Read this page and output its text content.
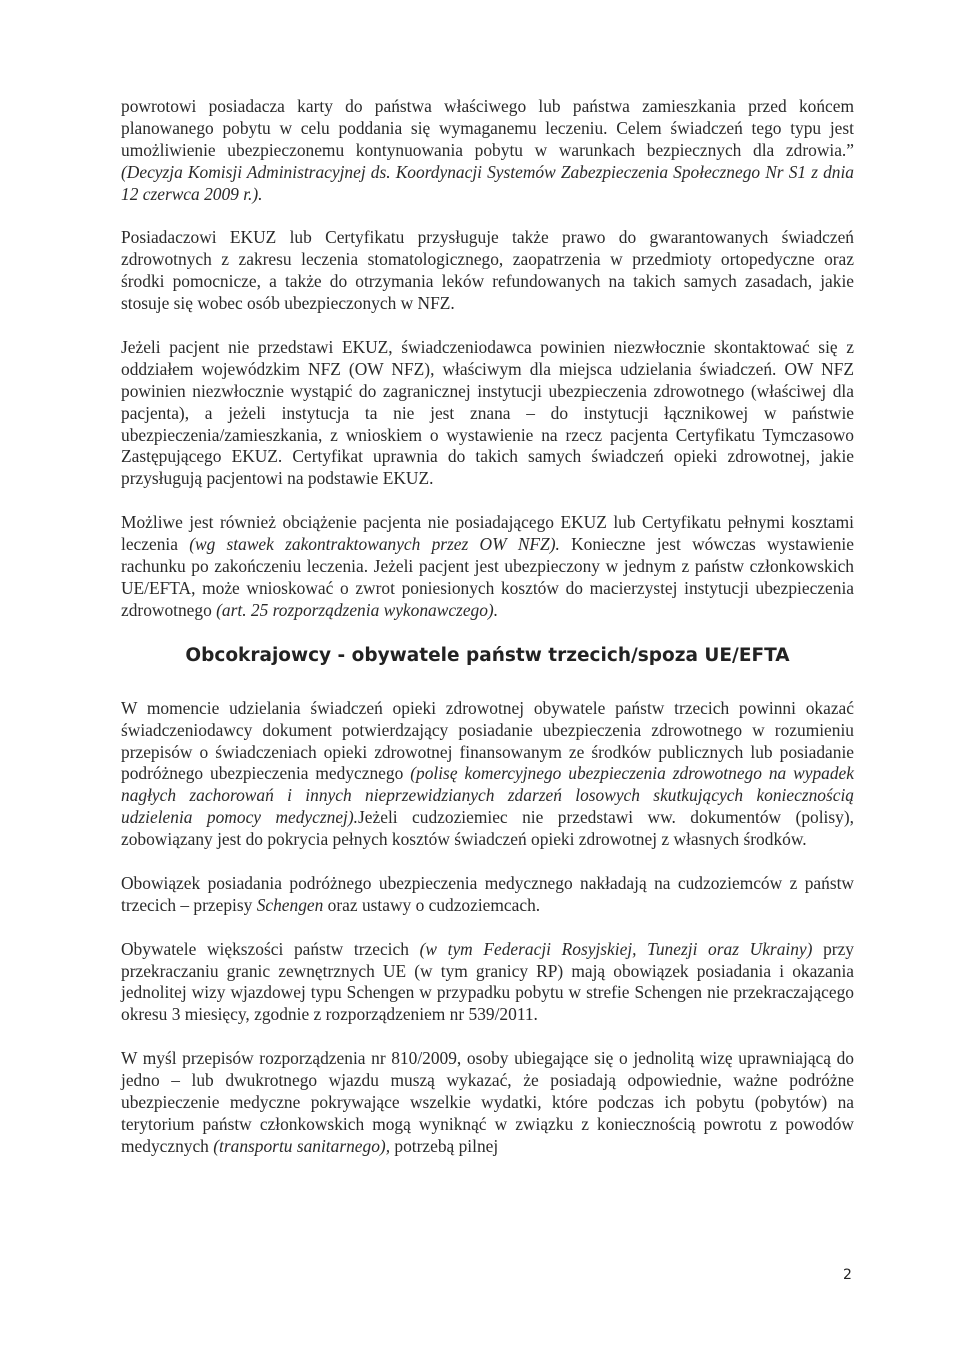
powrotowi posiadacza karty do państwa właściwego lub państwa zamieszkania przed końcem planowanego pobytu w celu poddania się wymaganemu leczeniu. Celem świadczeń tego typu jest umożliwienie ubezpieczonemu kontynuowania pobytu w warunkach bezpiecznych dla zdrowia.” (Decyzja Komisji Administracyjnej ds. Koordynacji Systemów Zabezpieczenia Społecznego Nr S1 z dnia 12 czerwca 2009 r.).

Posiadaczowi EKUZ lub Certyfikatu przysługuje także prawo do gwarantowanych świadczeń zdrowotnych z zakresu leczenia stomatologicznego, zaopatrzenia w przedmioty ortopedyczne oraz środki pomocnicze, a także do otrzymania leków refundowanych na takich samych zasadach, jakie stosuje się wobec osób ubezpieczonych w NFZ.

Jeżeli pacjent nie przedstawi EKUZ, świadczeniodawca powinien niezwłocznie skontaktować się z oddziałem wojewódzkim NFZ (OW NFZ), właściwym dla miejsca udzielania świadczeń. OW NFZ powinien niezwłocznie wystąpić do zagranicznej instytucji ubezpieczenia zdrowotnego (właściwej dla pacjenta), a jeżeli instytucja ta nie jest znana – do instytucji łącznikowej w państwie ubezpieczenia/zamieszkania, z wnioskiem o wystawienie na rzecz pacjenta Certyfikatu Tymczasowo Zastępującego EKUZ. Certyfikat uprawnia do takich samych świadczeń opieki zdrowotnej, jakie przysługują pacjentowi na podstawie EKUZ.

Możliwe jest również obciążenie pacjenta nie posiadającego EKUZ lub Certyfikatu pełnymi kosztami leczenia (wg stawek zakontraktowanych przez OW NFZ). Konieczne jest wówczas wystawienie rachunku po zakończeniu leczenia. Jeżeli pacjent jest ubezpieczony w jednym z państw członkowskich UE/EFTA, może wnioskować o zwrot poniesionych kosztów do macierzystej instytucji ubezpieczenia zdrowotnego (art. 25 rozporządzenia wykonawczego).

Obcokrajowcy - obywatele państw trzecich/spoza UE/EFTA

W momencie udzielania świadczeń opieki zdrowotnej obywatele państw trzecich powinni okazać świadczeniodawcy dokument potwierdzający posiadanie ubezpieczenia zdrowotnego w rozumieniu przepisów o świadczeniach opieki zdrowotnej finansowanym ze środków publicznych lub posiadanie podróżnego ubezpieczenia medycznego (polisę komercyjnego ubezpieczenia zdrowotnego na wypadek nagłych zachorowań i innych nieprzewidzianych zdarzeń losowych skutkujących koniecznością udzielenia pomocy medycznej).Jeżeli cudzoziemiec nie przedstawi ww. dokumentów (polisy), zobowiązany jest do pokrycia pełnych kosztów świadczeń opieki zdrowotnej z własnych środków.

Obowiązek posiadania podróżnego ubezpieczenia medycznego nakładają na cudzoziemców z państw trzecich – przepisy Schengen oraz ustawy o cudzoziemcach.

Obywatele większości państw trzecich (w tym Federacji Rosyjskiej, Tunezji oraz Ukrainy) przy przekraczaniu granic zewnętrznych UE (w tym granicy RP) mają obowiązek posiadania i okazania jednolitej wizy wjazdowej typu Schengen w przypadku pobytu w strefie Schengen nie przekraczającego okresu 3 miesięcy, zgodnie z rozporządzeniem nr 539/2011.

W myśl przepisów rozporządzenia nr 810/2009, osoby ubiegające się o jednolitą wizę uprawniającą do jedno – lub dwukrotnego wjazdu muszą wykazać, że posiadają odpowiednie, ważne podróżne ubezpieczenie medyczne pokrywające wszelkie wydatki, które podczas ich pobytu (pobytów) na terytorium państw członkowskich mogą wyniknąć w związku z koniecznością powrotu z powodów medycznych (transportu sanitarnego), potrzebą pilnej

2
